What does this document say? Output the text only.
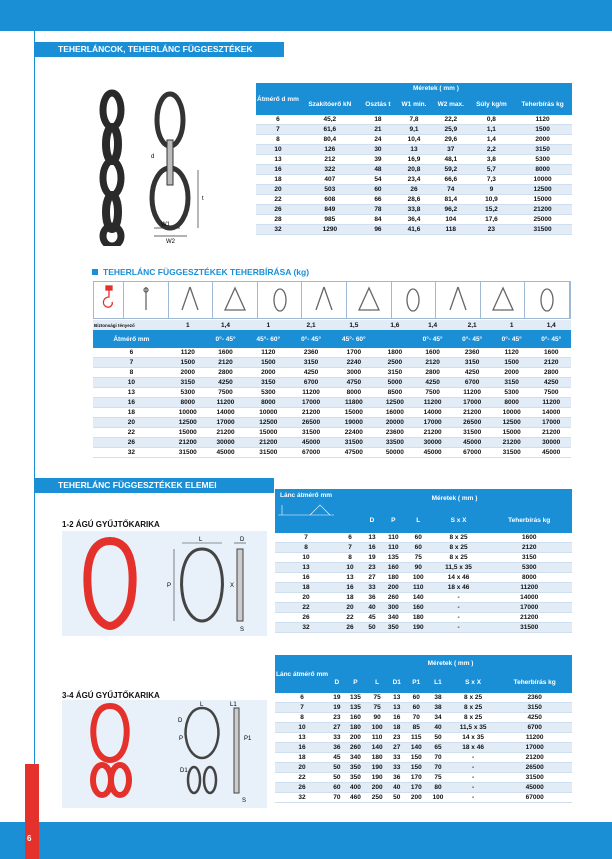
TEHERLÁNCOK, TEHERLÁNC FÜGGESZTÉKEK
d
t
W1
W2
Átmérő d mm	Méretek ( mm )					
	Szakítóerő kN	Osztás t	W1 min.	W2 max.	Súly kg/m	Teherbírás kg
6	45,2	18	7,8	22,2	0,8	1120
7	61,6	21	9,1	25,9	1,1	1500
8	80,4	24	10,4	29,6	1,4	2000
10	126	30	13	37	2,2	3150
13	212	39	16,9	48,1	3,8	5300
16	322	48	20,8	59,2	5,7	8000
18	407	54	23,4	66,6	7,3	10000
20	503	60	26	74	9	12500
22	608	66	28,6	81,4	10,9	15000
26	849	78	33,8	96,2	15,2	21200
28	985	84	36,4	104	17,6	25000
32	1290	96	41,6	118	23	31500
TEHERLÁNC FÜGGESZTÉKEK TEHERBÍRÁSA (kg)
Biztonsági tényező	1	1,4	1	2,1	1,5	1,6	1,4	2,1	1	1,4
Átmérő mm		0°- 45°	45°- 60°	0°- 45°	45°- 60°		0°- 45°	0°- 45°	0°- 45°	0°- 45°
6	1120	1600	1120	2360	1700	1800	1600	2360	1120	1600
7	1500	2120	1500	3150	2240	2500	2120	3150	1500	2120
8	2000	2800	2000	4250	3000	3150	2800	4250	2000	2800
10	3150	4250	3150	6700	4750	5000	4250	6700	3150	4250
13	5300	7500	5300	11200	8000	8500	7500	11200	5300	7500
16	8000	11200	8000	17000	11800	12500	11200	17000	8000	11200
18	10000	14000	10000	21200	15000	16000	14000	21200	10000	14000
20	12500	17000	12500	26500	19000	20000	17000	26500	12500	17000
22	15000	21200	15000	31500	22400	23600	21200	31500	15000	21200
26	21200	30000	21200	45000	31500	33500	30000	45000	21200	30000
32	31500	45000	31500	67000	47500	50000	45000	67000	31500	45000
TEHERLÁNC FÜGGESZTÉKEK ELEMEI
1-2 ÁGÚ GYŰJTŐKARIKA
L	D
P	X
S
Lánc átmérő mm	Méretek ( mm )					
		D	P	L	S x X	Teherbírás kg
7	6	13	110	60	8 x 25	1600
8	7	16	110	60	8 x 25	2120
10	8	19	135	75	8 x 25	3150
13	10	23	160	90	11,5 x 35	5300
16	13	27	180	100	14 x 46	8000
18	16	33	200	110	18 x 46	11200
20	18	36	260	140	-	14000
22	20	40	300	160	-	17000
26	22	45	340	180	-	21200
32	26	50	350	190	-	31500
3-4 ÁGÚ GYŰJTŐKARIKA
L	L1
D
D1
P	P1
S
Lánc átmérő mm	Méretek ( mm )							
	D	P	L	D1	P1	L1	S x X	Teherbírás kg
6	19	135	75	13	60	38	8 x 25	2360
7	19	135	75	13	60	38	8 x 25	3150
8	23	160	90	16	70	34	8 x 25	4250
10	27	180	100	18	85	40	11,5 x 35	6700
13	33	200	110	23	115	50	14 x 35	11200
16	36	260	140	27	140	65	18 x 46	17000
18	45	340	180	33	150	70	-	21200
20	50	350	190	33	150	70	-	26500
22	50	350	190	36	170	75	-	31500
26	60	400	200	40	170	80	-	45000
32	70	460	250	50	200	100	-	67000
6
